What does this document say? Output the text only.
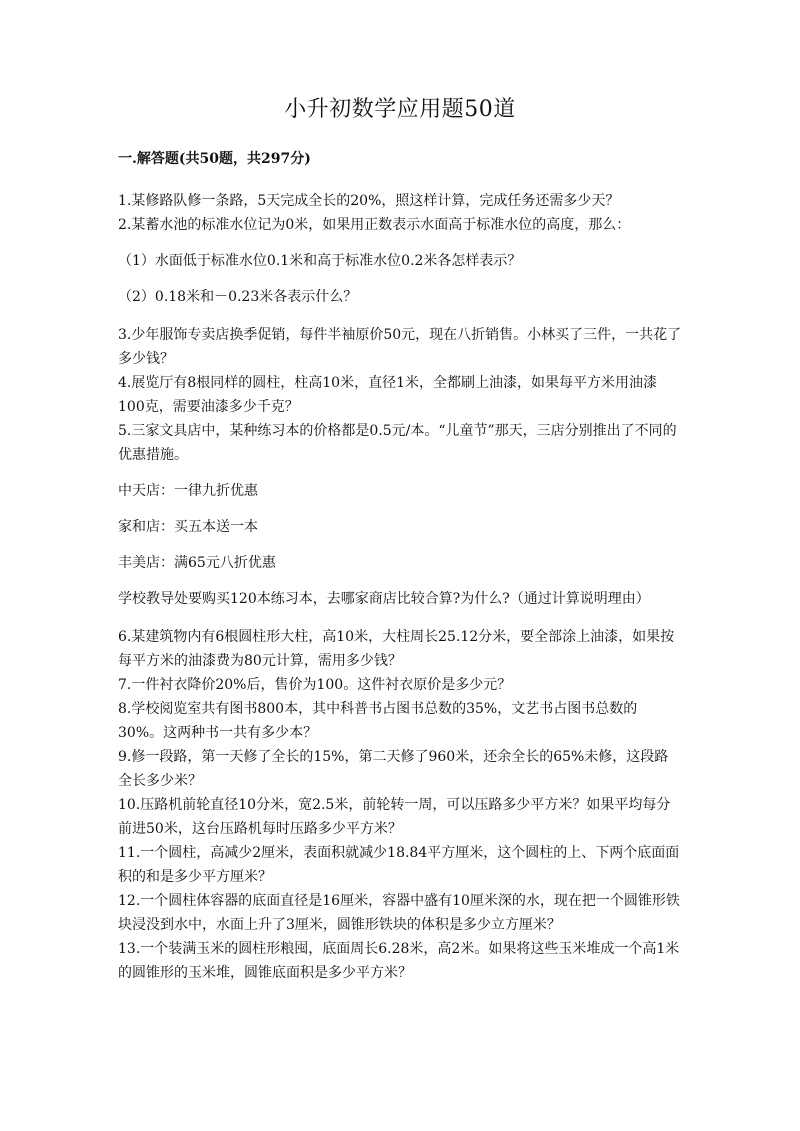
小升初数学应用题50道
一.解答题(共50题，共297分)

1.某修路队修一条路，5天完成全长的20%，照这样计算，完成任务还需多少天？

2.某蓄水池的标准水位记为0米，如果用正数表示水面高于标准水位的高度，那么：

（1）水面低于标准水位0.1米和高于标准水位0.2米各怎样表示？

（2）0.18米和－0.23米各表示什么？

3.少年服饰专卖店换季促销，每件半袖原价50元，现在八折销售。小林买了三件，一共花了多少钱？

4.展览厅有8根同样的圆柱，柱高10米，直径1米，全都刷上油漆，如果每平方米用油漆100克，需要油漆多少千克？

5.三家文具店中，某种练习本的价格都是0.5元/本。“儿童节”那天，三店分别推出了不同的优惠措施。

中天店：一律九折优惠

家和店：买五本送一本

丰美店：满65元八折优惠

学校教导处要购买120本练习本，去哪家商店比较合算?为什么?（通过计算说明理由）

6.某建筑物内有6根圆柱形大柱，高10米，大柱周长25.12分米，要全部涂上油漆，如果按每平方米的油漆费为80元计算，需用多少钱？

7.一件衬衣降价20%后，售价为100。这件衬衣原价是多少元？

8.学校阅览室共有图书800本，其中科普书占图书总数的35%，文艺书占图书总数的30%。这两种书一共有多少本？

9.修一段路，第一天修了全长的15%，第二天修了960米，还余全长的65%未修，这段路全长多少米？

10.压路机前轮直径10分米，宽2.5米，前轮转一周，可以压路多少平方米？如果平均每分前进50米，这台压路机每时压路多少平方米？

11.一个圆柱，高减少2厘米，表面积就减少18.84平方厘米，这个圆柱的上、下两个底面面积的和是多少平方厘米？

12.一个圆柱体容器的底面直径是16厘米，容器中盛有10厘米深的水，现在把一个圆锥形铁块浸没到水中，水面上升了3厘米，圆锥形铁块的体积是多少立方厘米？

13.一个装满玉米的圆柱形粮囤，底面周长6.28米，高2米。如果将这些玉米堆成一个高1米的圆锥形的玉米堆，圆锥底面积是多少平方米？
